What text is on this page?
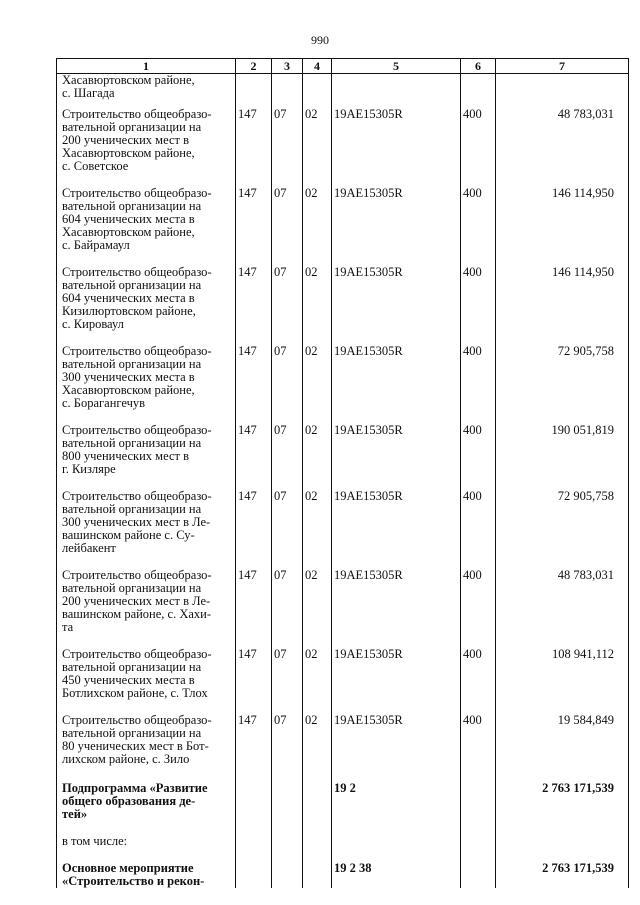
990
1	2	3	4	5	6	7

Хасавюртовском районе,
с. Шагада						

Строительство общеобразо-
вательной организации на
200 ученических мест в
Хасавюртовском районе,
с. Советское	147	07	02	19АЕ15305R	400	48 783,031

Строительство общеобразо-
вательной организации на
604 ученических места в
Хасавюртовском районе,
с. Байрамаул	147	07	02	19АЕ15305R	400	146 114,950

Строительство общеобразо-
вательной организации на
604 ученических места в
Кизилюртовском районе,
с. Кироваул	147	07	02	19АЕ15305R	400	146 114,950

Строительство общеобразо-
вательной организации на
300 ученических места в
Хасавюртовском районе,
с. Борагангечув	147	07	02	19АЕ15305R	400	72 905,758

Строительство общеобразо-
вательной организации на
800 ученических мест в
г. Кизляре	147	07	02	19АЕ15305R	400	190 051,819

Строительство общеобразо-
вательной организации на
300 ученических мест в Ле-
вашинском районе с. Су-
лейбакент	147	07	02	19АЕ15305R	400	72 905,758

Строительство общеобразо-
вательной организации на
200 ученических мест в Ле-
вашинском районе, с. Хахи-
та	147	07	02	19АЕ15305R	400	48 783,031

Строительство общеобразо-
вательной организации на
450 ученических места в
Ботлихском районе, с. Тлох	147	07	02	19АЕ15305R	400	108 941,112

Строительство общеобразо-
вательной организации на
80 ученических мест в Бот-
лихском районе, с. Зило	147	07	02	19АЕ15305R	400	19 584,849

Подпрограмма «Развитие
общего образования де-
тей»				19 2		2 763 171,539

в том числе:						

Основное мероприятие
«Строительство и рекон-				19 2 38		2 763 171,539
